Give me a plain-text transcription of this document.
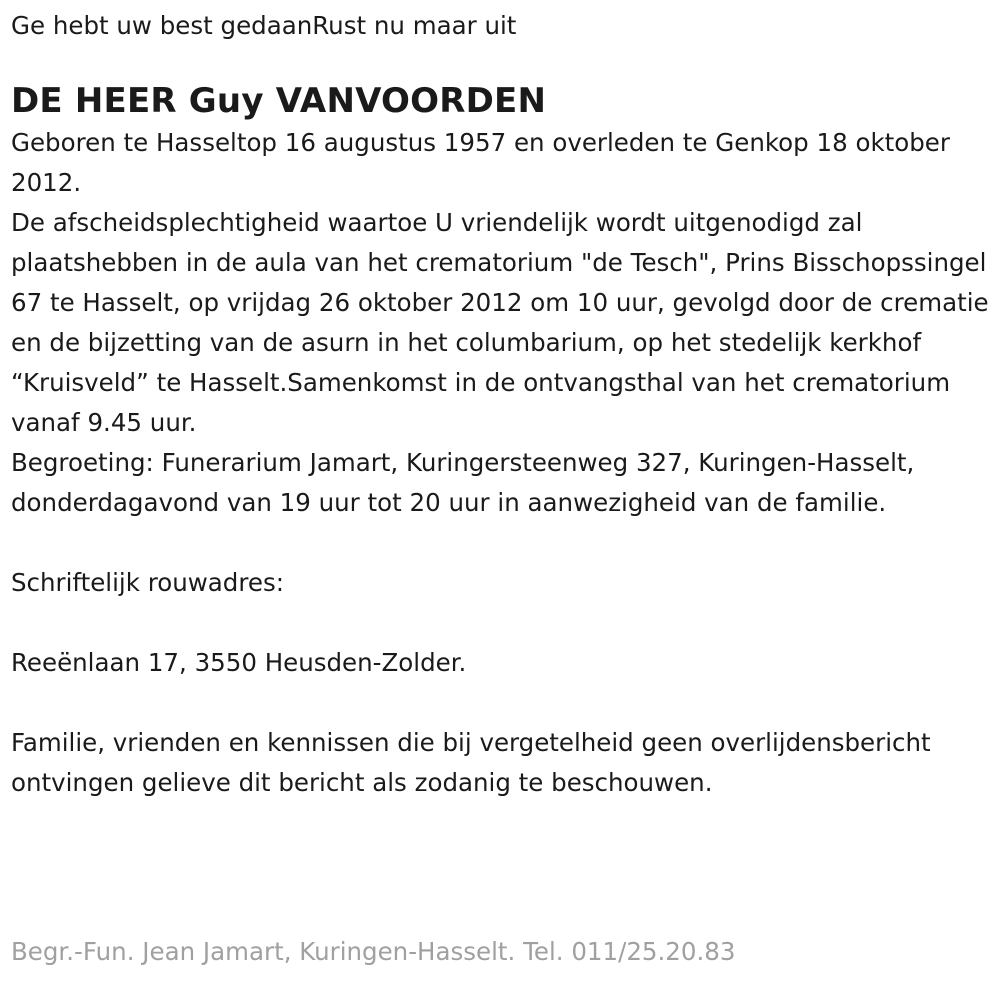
Ge hebt uw best gedaanRust nu maar uit

DE HEER Guy VANVOORDEN

Geboren te Hasseltop 16 augustus 1957 en overleden te Genkop 18 oktober 2012.

De afscheidsplechtigheid waartoe U vriendelijk wordt uitgenodigd zal plaatshebben in de aula van het crematorium "de Tesch", Prins Bisschopssingel 67 te Hasselt, op vrijdag 26 oktober 2012 om 10 uur, gevolgd door de crematie en de bijzetting van de asurn in het columbarium, op het stedelijk kerkhof “Kruisveld” te Hasselt.Samenkomst in de ontvangsthal van het crematorium vanaf 9.45 uur.

Begroeting: Funerarium Jamart, Kuringersteenweg 327, Kuringen-Hasselt, donderdagavond van 19 uur tot 20 uur in aanwezigheid van de familie.

Schriftelijk rouwadres:

Reeënlaan 17, 3550 Heusden-Zolder.

Familie, vrienden en kennissen die bij vergetelheid geen overlijdensbericht ontvingen gelieve dit bericht als zodanig te beschouwen.

Begr.-Fun. Jean Jamart, Kuringen-Hasselt. Tel. 011/25.20.83
